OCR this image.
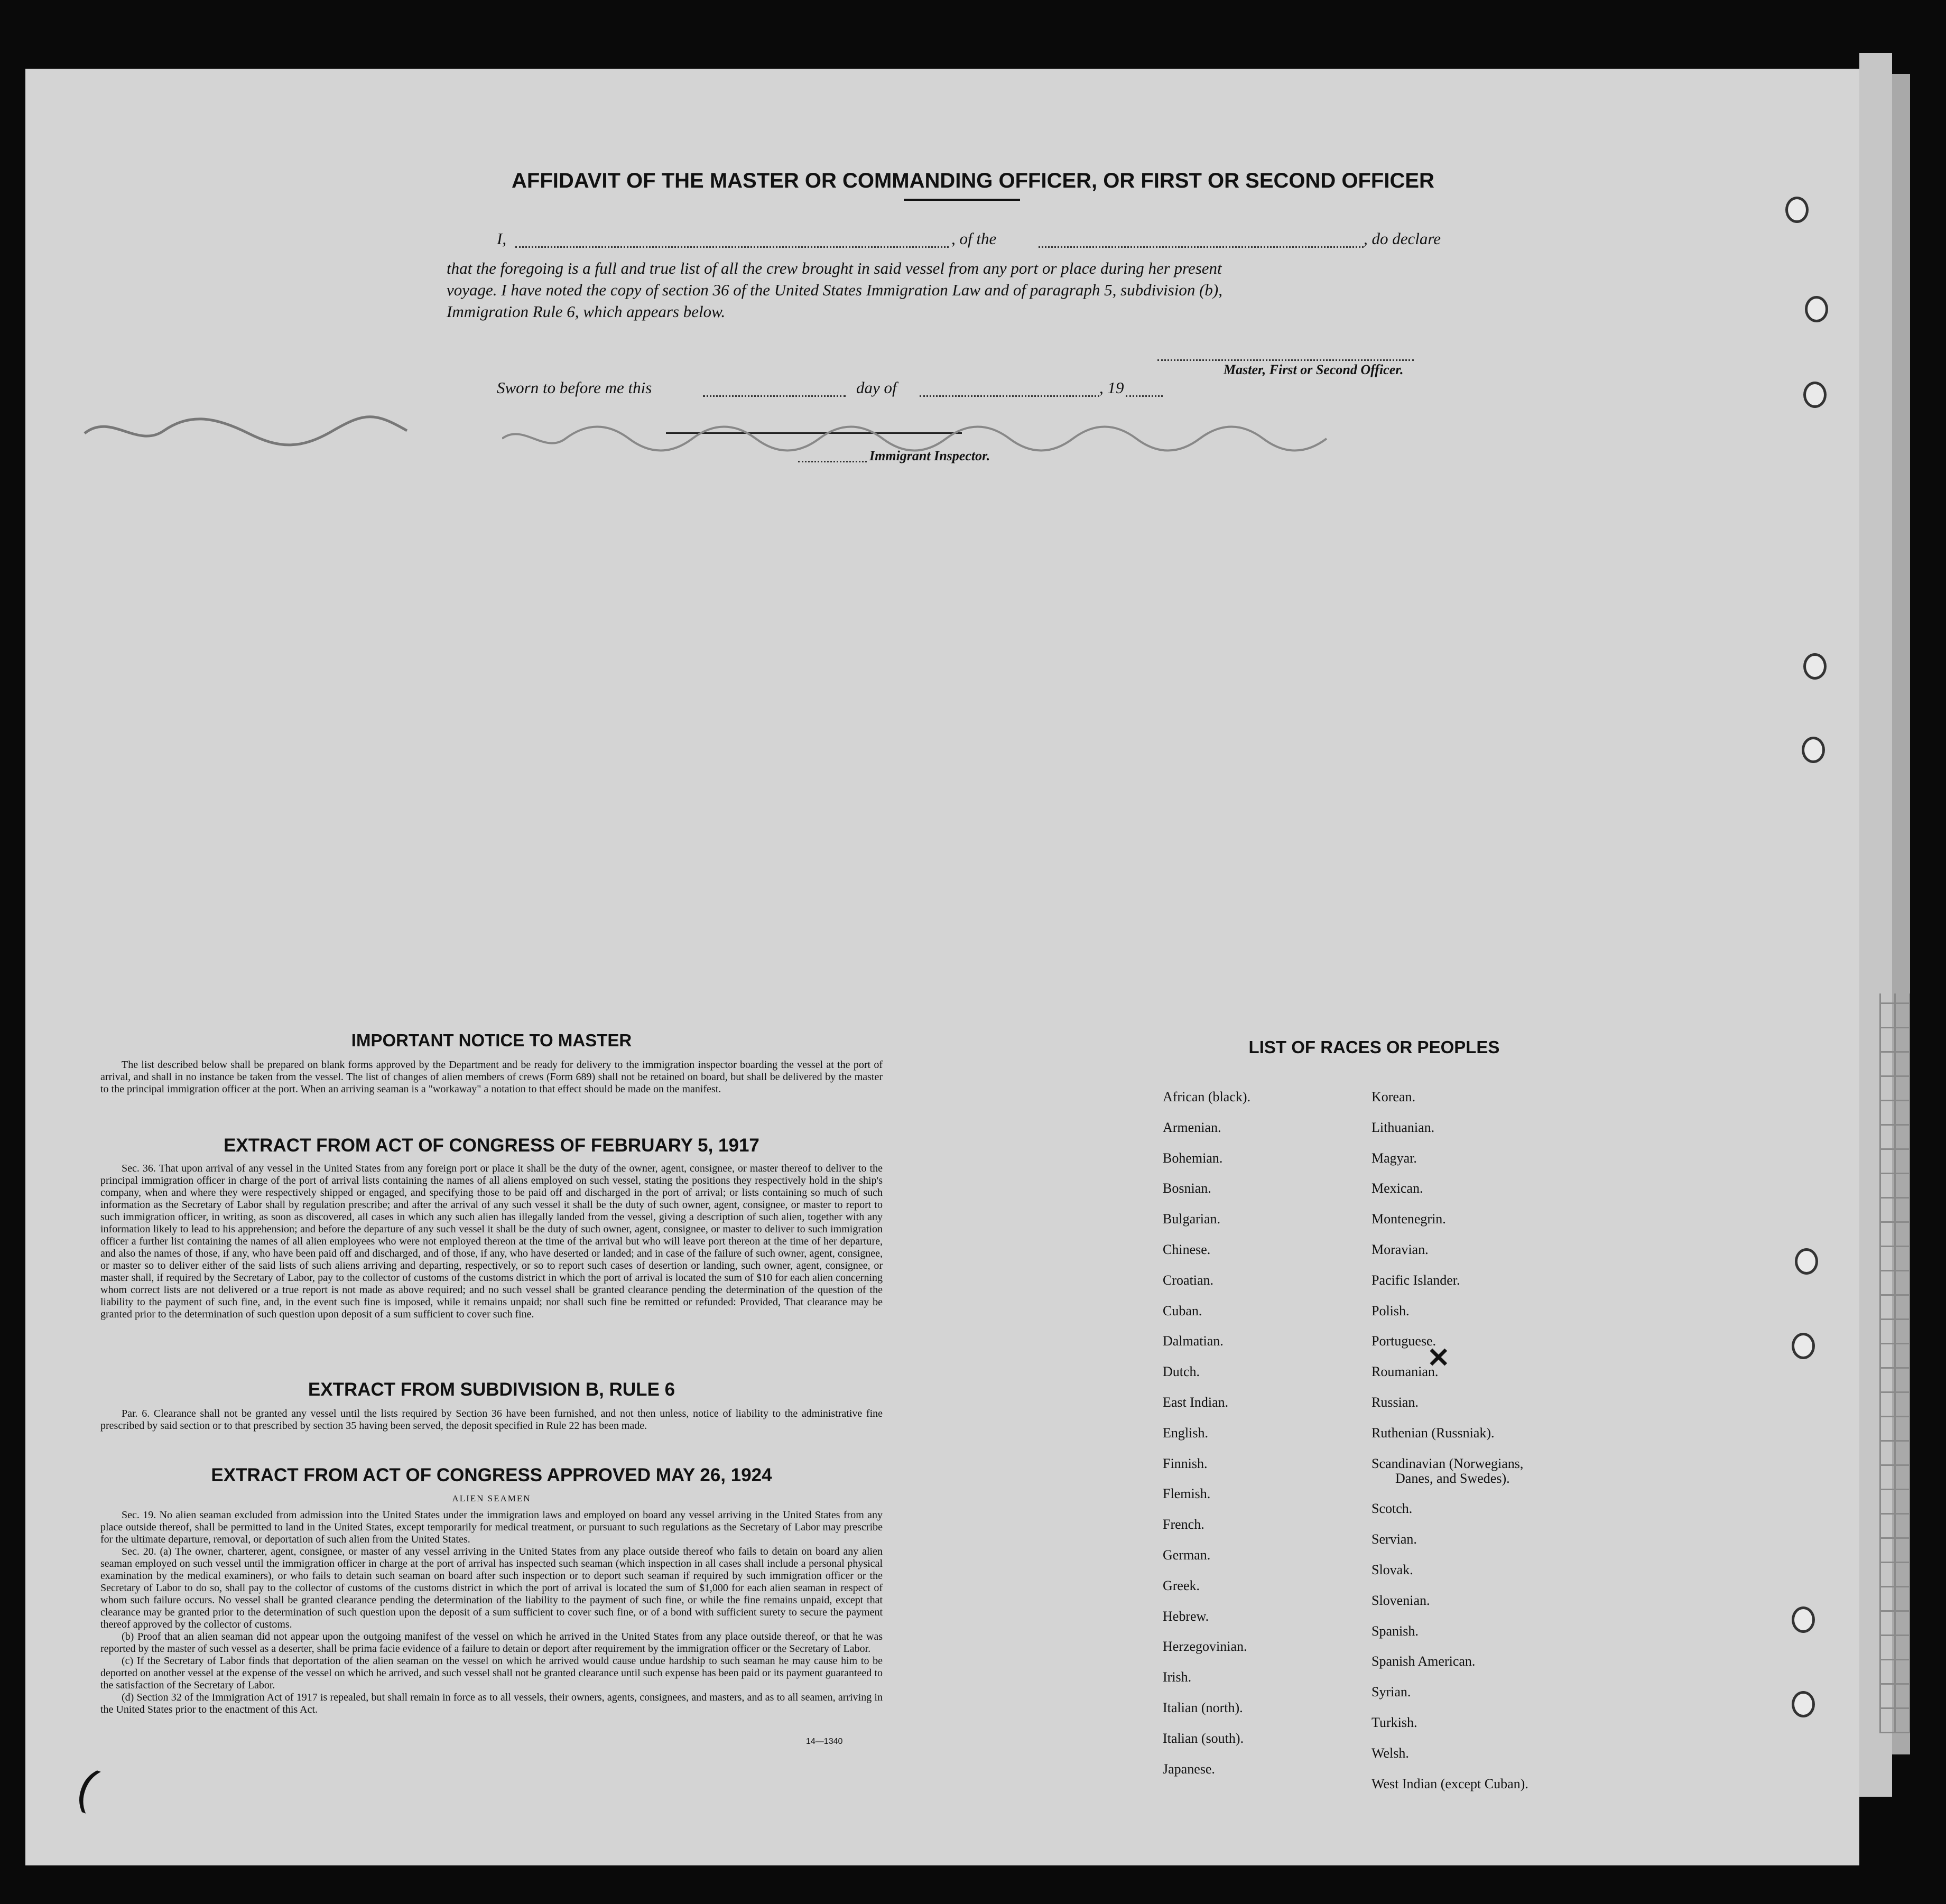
AFFIDAVIT OF THE MASTER OR COMMANDING OFFICER, OR FIRST OR SECOND OFFICER
I,	, of the	, do declare
that the foregoing is a full and true list of all the crew brought in said vessel from any port or place during her present
voyage. I have noted the copy of section 36 of the United States Immigration Law and of paragraph 5, subdivision (b),
Immigration Rule 6, which appears below.
Master, First or Second Officer.
Sworn to before me this	day of	, 19
Immigrant Inspector.
IMPORTANT NOTICE TO MASTER

The list described below shall be prepared on blank forms approved by the Department and be ready for delivery to the immigration inspector boarding the vessel at the port of arrival, and shall in no instance be taken from the vessel. The list of changes of alien members of crews (Form 689) shall not be retained on board, but shall be delivered by the master to the principal immigration officer at the port. When an arriving seaman is a "workaway" a notation to that effect should be made on the manifest.

EXTRACT FROM ACT OF CONGRESS OF FEBRUARY 5, 1917

Sec. 36. That upon arrival of any vessel in the United States from any foreign port or place it shall be the duty of the owner, agent, consignee, or master thereof to deliver to the principal immigration officer in charge of the port of arrival lists containing the names of all aliens employed on such vessel, stating the positions they respectively hold in the ship's company, when and where they were respectively shipped or engaged, and specifying those to be paid off and discharged in the port of arrival; or lists containing so much of such information as the Secretary of Labor shall by regulation prescribe; and after the arrival of any such vessel it shall be the duty of such owner, agent, consignee, or master to report to such immigration officer, in writing, as soon as discovered, all cases in which any such alien has illegally landed from the vessel, giving a description of such alien, together with any information likely to lead to his apprehension; and before the departure of any such vessel it shall be the duty of such owner, agent, consignee, or master to deliver to such immigration officer a further list containing the names of all alien employees who were not employed thereon at the time of the arrival but who will leave port thereon at the time of her departure, and also the names of those, if any, who have been paid off and discharged, and of those, if any, who have deserted or landed; and in case of the failure of such owner, agent, consignee, or master so to deliver either of the said lists of such aliens arriving and departing, respectively, or so to report such cases of desertion or landing, such owner, agent, consignee, or master shall, if required by the Secretary of Labor, pay to the collector of customs of the customs district in which the port of arrival is located the sum of $10 for each alien concerning whom correct lists are not delivered or a true report is not made as above required; and no such vessel shall be granted clearance pending the determination of the question of the liability to the payment of such fine, and, in the event such fine is imposed, while it remains unpaid; nor shall such fine be remitted or refunded: Provided, That clearance may be granted prior to the determination of such question upon deposit of a sum sufficient to cover such fine.

EXTRACT FROM SUBDIVISION B, RULE 6

Par. 6. Clearance shall not be granted any vessel until the lists required by Section 36 have been furnished, and not then unless, notice of liability to the administrative fine prescribed by said section or to that prescribed by section 35 having been served, the deposit specified in Rule 22 has been made.

EXTRACT FROM ACT OF CONGRESS APPROVED MAY 26, 1924
ALIEN SEAMEN

Sec. 19. No alien seaman excluded from admission into the United States under the immigration laws and employed on board any vessel arriving in the United States from any place outside thereof, shall be permitted to land in the United States, except temporarily for medical treatment, or pursuant to such regulations as the Secretary of Labor may prescribe for the ultimate departure, removal, or deportation of such alien from the United States.

Sec. 20. (a) The owner, charterer, agent, consignee, or master of any vessel arriving in the United States from any place outside thereof who fails to detain on board any alien seaman employed on such vessel until the immigration officer in charge at the port of arrival has inspected such seaman (which inspection in all cases shall include a personal physical examination by the medical examiners), or who fails to detain such seaman on board after such inspection or to deport such seaman if required by such immigration officer or the Secretary of Labor to do so, shall pay to the collector of customs of the customs district in which the port of arrival is located the sum of $1,000 for each alien seaman in respect of whom such failure occurs. No vessel shall be granted clearance pending the determination of the liability to the payment of such fine, or while the fine remains unpaid, except that clearance may be granted prior to the determination of such question upon the deposit of a sum sufficient to cover such fine, or of a bond with sufficient surety to secure the payment thereof approved by the collector of customs.

(b) Proof that an alien seaman did not appear upon the outgoing manifest of the vessel on which he arrived in the United States from any place outside thereof, or that he was reported by the master of such vessel as a deserter, shall be prima facie evidence of a failure to detain or deport after requirement by the immigration officer or the Secretary of Labor.

(c) If the Secretary of Labor finds that deportation of the alien seaman on the vessel on which he arrived would cause undue hardship to such seaman he may cause him to be deported on another vessel at the expense of the vessel on which he arrived, and such vessel shall not be granted clearance until such expense has been paid or its payment guaranteed to the satisfaction of the Secretary of Labor.

(d) Section 32 of the Immigration Act of 1917 is repealed, but shall remain in force as to all vessels, their owners, agents, consignees, and masters, and as to all seamen, arriving in the United States prior to the enactment of this Act.

14—1340
LIST OF RACES OR PEOPLES
African (black).
Armenian.
Bohemian.
Bosnian.
Bulgarian.
Chinese.
Croatian.
Cuban.
Dalmatian.
Dutch.
East Indian.
English.
Finnish.
Flemish.
French.
German.
Greek.
Hebrew.
Herzegovinian.
Irish.
Italian (north).
Italian (south).
Japanese.
Korean.
Lithuanian.
Magyar.
Mexican.
Montenegrin.
Moravian.
Pacific Islander.
Polish.
Portuguese.
Roumanian.
Russian.
Ruthenian (Russniak).
Scandinavian (Norwegians,
Danes, and Swedes).
Scotch.
Servian.
Slovak.
Slovenian.
Spanish.
Spanish American.
Syrian.
Turkish.
Welsh.
West Indian (except Cuban).
✕
(
